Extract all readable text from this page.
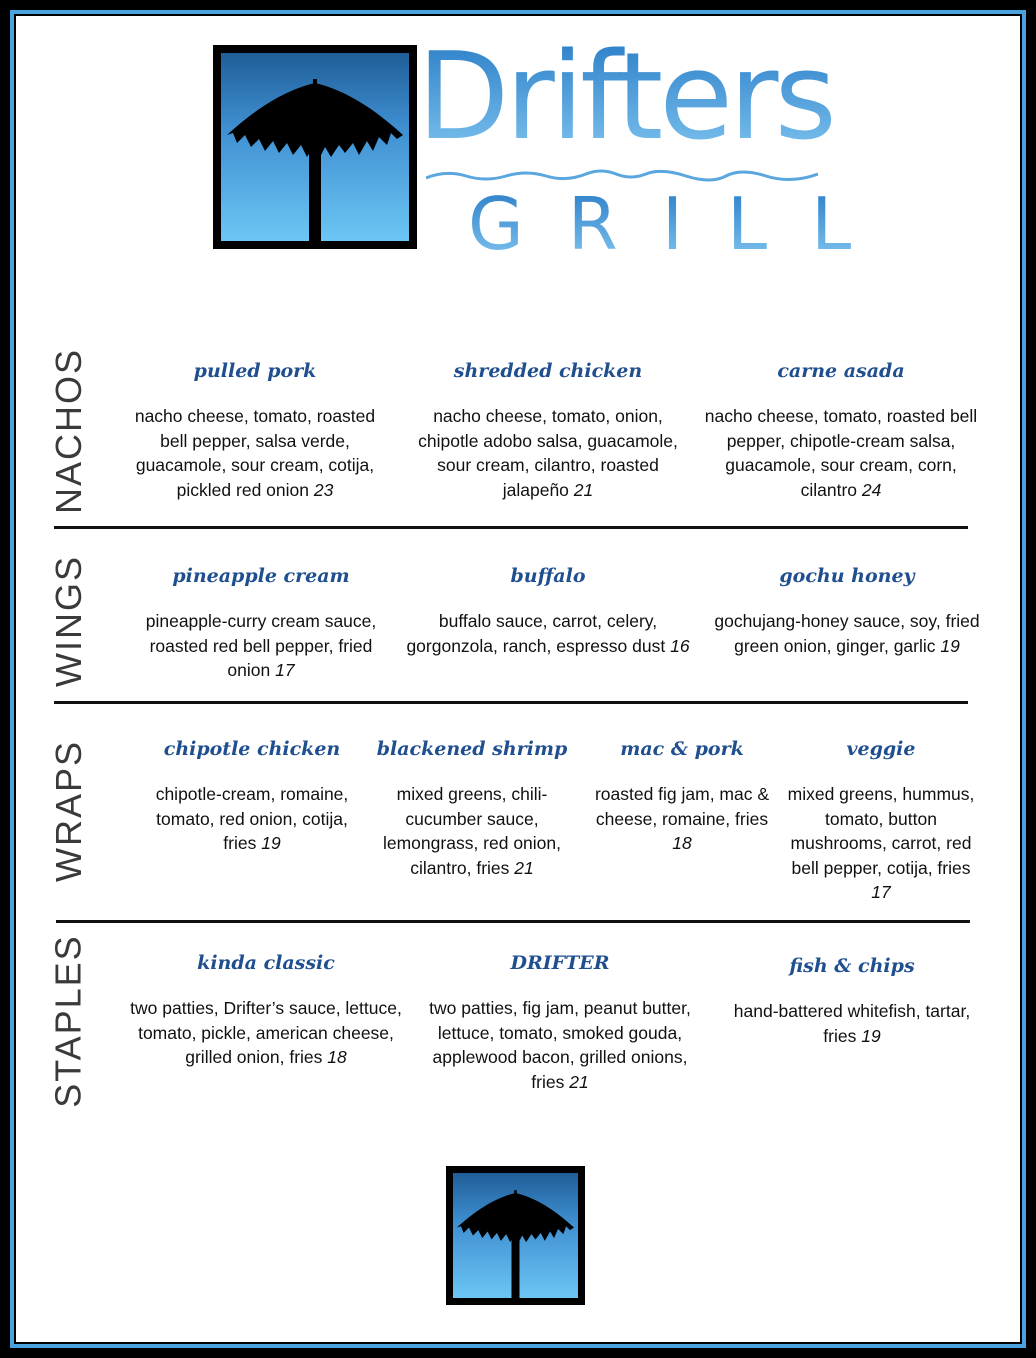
Drifters
GRILL
NACHOS	pulled pork
nacho cheese, tomato, roasted bell pepper, salsa verde, guacamole, sour cream, cotija, pickled red onion 23
shredded chicken
nacho cheese, tomato, onion, chipotle adobo salsa, guacamole, sour cream, cilantro, roasted jalapeño 21
carne asada
nacho cheese, tomato, roasted bell pepper, chipotle-cream salsa, guacamole, sour cream, corn, cilantro 24
WINGS	pineapple cream
pineapple-curry cream sauce, roasted red bell pepper, fried onion 17
buffalo
buffalo sauce, carrot, celery, gorgonzola, ranch, espresso dust 16
gochu honey
gochujang-honey sauce, soy, fried green onion, ginger, garlic 19
WRAPS	chipotle chicken
chipotle-cream, romaine, tomato, red onion, cotija, fries 19
blackened shrimp
mixed greens, chili-cucumber sauce, lemongrass, red onion, cilantro, fries 21
mac & pork
roasted fig jam, mac & cheese, romaine, fries 18
veggie
mixed greens, hummus, tomato, button mushrooms, carrot, red bell pepper, cotija, fries 17
STAPLES	kinda classic
two patties, Drifter’s sauce, lettuce, tomato, pickle, american cheese, grilled onion, fries 18
DRIFTER
two patties, fig jam, peanut butter, lettuce, tomato, smoked gouda, applewood bacon, grilled onions, fries 21
fish & chips
hand-battered whitefish, tartar, fries 19
